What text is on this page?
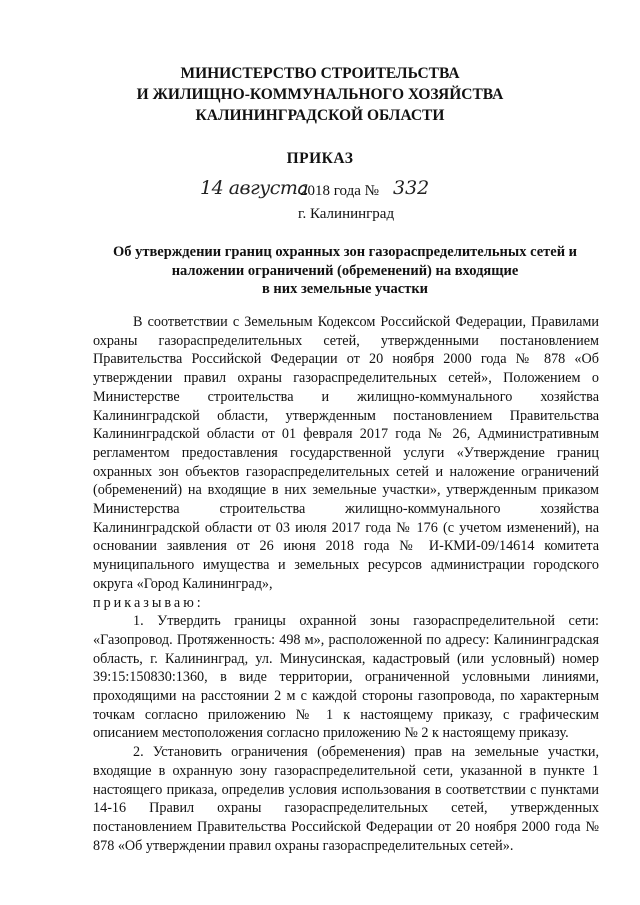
МИНИСТЕРСТВО СТРОИТЕЛЬСТВА
И ЖИЛИЩНО-КОММУНАЛЬНОГО ХОЗЯЙСТВА
КАЛИНИНГРАДСКОЙ ОБЛАСТИ
ПРИКАЗ
14 августа
2018 года № 332
г. Калининград
Об утверждении границ охранных зон газораспределительных сетей и
наложении ограничений (обременений) на входящие
в них земельные участки

В соответствии с Земельным Кодексом Российской Федерации, Правилами охраны газораспределительных сетей, утвержденными постановлением Правительства Российской Федерации от 20 ноября 2000 года № 878 «Об утверждении правил охраны газораспределительных сетей», Положением о Министерстве строительства и жилищно-коммунального хозяйства Калининградской области, утвержденным постановлением Правительства Калининградской области от 01 февраля 2017 года № 26, Административным регламентом предоставления государственной услуги «Утверждение границ охранных зон объектов газораспределительных сетей и наложение ограничений (обременений) на входящие в них земельные участки», утвержденным приказом Министерства строительства жилищно-коммунального хозяйства Калининградской области от 03 июля 2017 года № 176 (с учетом изменений), на основании заявления от 26 июня 2018 года № И-КМИ-09/14614 комитета муниципального имущества и земельных ресурсов администрации городского округа «Город Калининград»,

приказываю:

1. Утвердить границы охранной зоны газораспределительной сети: «Газопровод. Протяженность: 498 м», расположенной по адресу: Калининградская область, г. Калининград, ул. Минусинская, кадастровый (или условный) номер 39:15:150830:1360, в виде территории, ограниченной условными линиями, проходящими на расстоянии 2 м с каждой стороны газопровода, по характерным точкам согласно приложению № 1 к настоящему приказу, с графическим описанием местоположения согласно приложению № 2 к настоящему приказу.

2. Установить ограничения (обременения) прав на земельные участки, входящие в охранную зону газораспределительной сети, указанной в пункте 1 настоящего приказа, определив условия использования в соответствии с пунктами 14-16 Правил охраны газораспределительных сетей, утвержденных постановлением Правительства Российской Федерации от 20 ноября 2000 года № 878 «Об утверждении правил охраны газораспределительных сетей».
